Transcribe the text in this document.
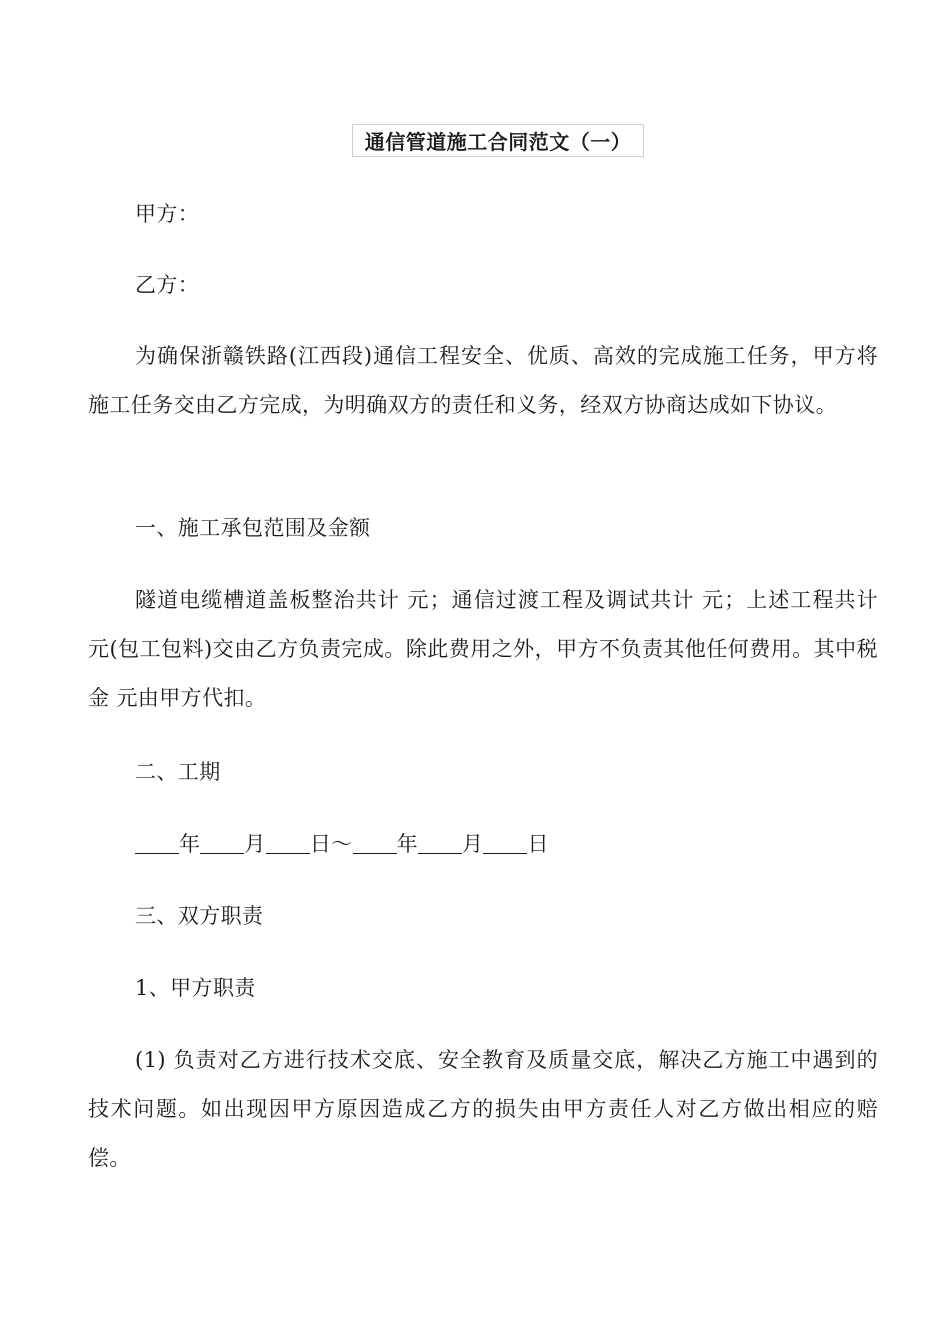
通信管道施工合同范文（一）

甲方：

乙方：

为确保浙赣铁路(江西段)通信工程安全、优质、高效的完成施工任务，甲方将 施工任务交由乙方完成，为明确双方的责任和义务，经双方协商达成如下协议。

一、施工承包范围及金额

隧道电缆槽道盖板整治共计 元；通信过渡工程及调试共计 元；上述工程共计 元(包工包料)交由乙方负责完成。除此费用之外，甲方不负责其他任何费用。其中税金 元由甲方代扣。

二、工期

年 月 日～ 年 月 日

三、双方职责

1、甲方职责

(1) 负责对乙方进行技术交底、安全教育及质量交底，解决乙方施工中遇到的技术问题。如出现因甲方原因造成乙方的损失由甲方责任人对乙方做出相应的赔偿。
